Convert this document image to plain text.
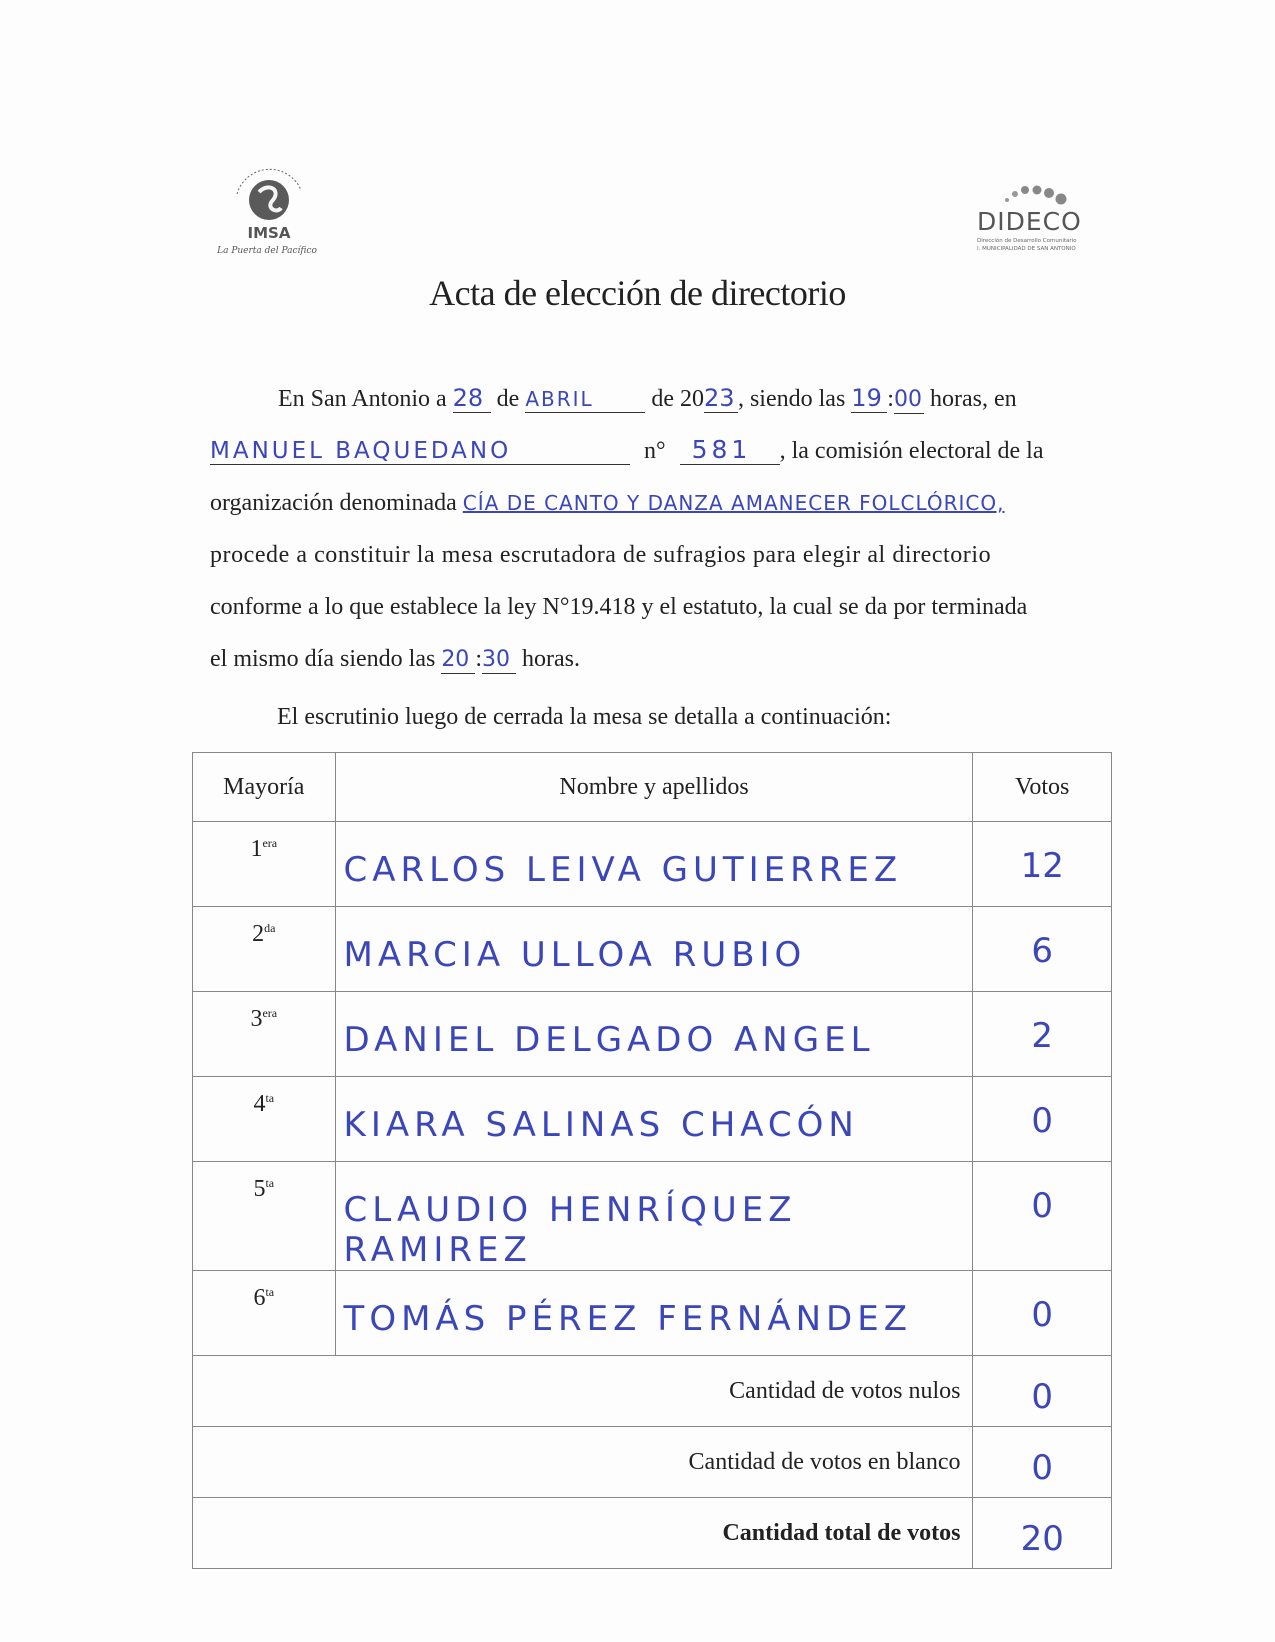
IMSA
La Puerta del Pacífico
DIDECO
Dirección de Desarrollo Comunitario
I. MUNICIPALIDAD DE SAN ANTONIO
Acta de elección de directorio
En San Antonio a 28 de ABRIL de 2023 , siendo las 19 :00 horas, en
MANUEL BAQUEDANO	n° 581 , la comisión electoral de la
organización denominada CÍA DE CANTO Y DANZA AMANECER FOLCLÓRICO,
procede a constituir la mesa escrutadora de sufragios para elegir al directorio
conforme a lo que establece la ley N°19.418 y el estatuto, la cual se da por terminada
el mismo día siendo las 20 :30 horas.
El escrutinio luego de cerrada la mesa se detalla a continuación:
Mayoría	Nombre y apellidos	Votos
$1^{era}$	CARLOS LEIVA GUTIERREZ	12

$2^{da}$	MARCIA ULLOA RUBIO	6

$3^{era}$	DANIEL DELGADO ANGEL	2

$4^{ta}$	KIARA SALINAS CHACÓN	0

$5^{ta}$	CLAUDIO HENRÍQUEZ RAMIREZ	0

$6^{ta}$	TOMÁS PÉREZ FERNÁNDEZ	0

Cantidad de votos nulos		0

Cantidad de votos en blanco		0

Cantidad total de votos		20
